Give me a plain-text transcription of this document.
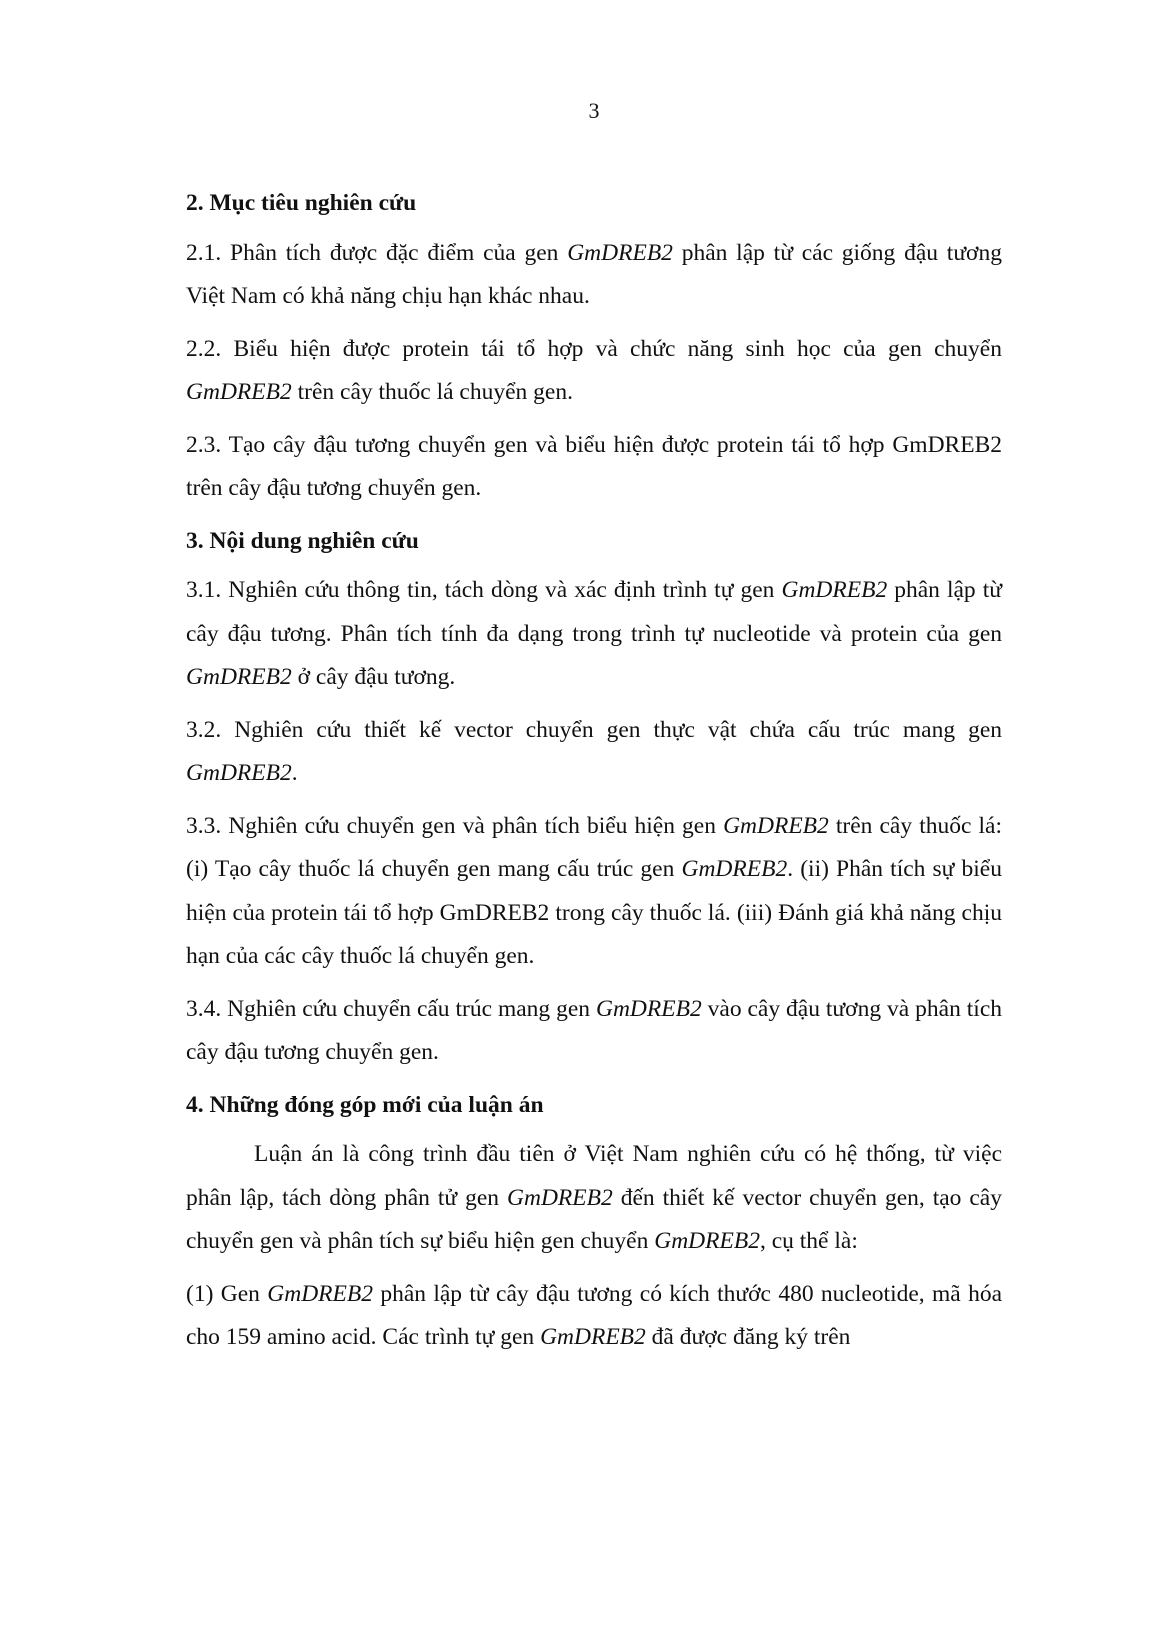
3
2. Mục tiêu nghiên cứu

2.1. Phân tích được đặc điểm của gen GmDREB2 phân lập từ các giống đậu tương Việt Nam có khả năng chịu hạn khác nhau.

2.2. Biểu hiện được protein tái tổ hợp và chức năng sinh học của gen chuyển GmDREB2 trên cây thuốc lá chuyển gen.

2.3. Tạo cây đậu tương chuyển gen và biểu hiện được protein tái tổ hợp GmDREB2 trên cây đậu tương chuyển gen.

3. Nội dung nghiên cứu

3.1. Nghiên cứu thông tin, tách dòng và xác định trình tự gen GmDREB2 phân lập từ cây đậu tương. Phân tích tính đa dạng trong trình tự nucleotide và protein của gen GmDREB2 ở cây đậu tương.

3.2. Nghiên cứu thiết kế vector chuyển gen thực vật chứa cấu trúc mang gen GmDREB2.

3.3. Nghiên cứu chuyển gen và phân tích biểu hiện gen GmDREB2 trên cây thuốc lá: (i) Tạo cây thuốc lá chuyển gen mang cấu trúc gen GmDREB2. (ii) Phân tích sự biểu hiện của protein tái tổ hợp GmDREB2 trong cây thuốc lá. (iii) Đánh giá khả năng chịu hạn của các cây thuốc lá chuyển gen.

3.4. Nghiên cứu chuyển cấu trúc mang gen GmDREB2 vào cây đậu tương và phân tích cây đậu tương chuyển gen.

4. Những đóng góp mới của luận án

Luận án là công trình đầu tiên ở Việt Nam nghiên cứu có hệ thống, từ việc phân lập, tách dòng phân tử gen GmDREB2 đến thiết kế vector chuyển gen, tạo cây chuyển gen và phân tích sự biểu hiện gen chuyển GmDREB2, cụ thể là:

(1) Gen GmDREB2 phân lập từ cây đậu tương có kích thước 480 nucleotide, mã hóa cho 159 amino acid. Các trình tự gen GmDREB2 đã được đăng ký trên
